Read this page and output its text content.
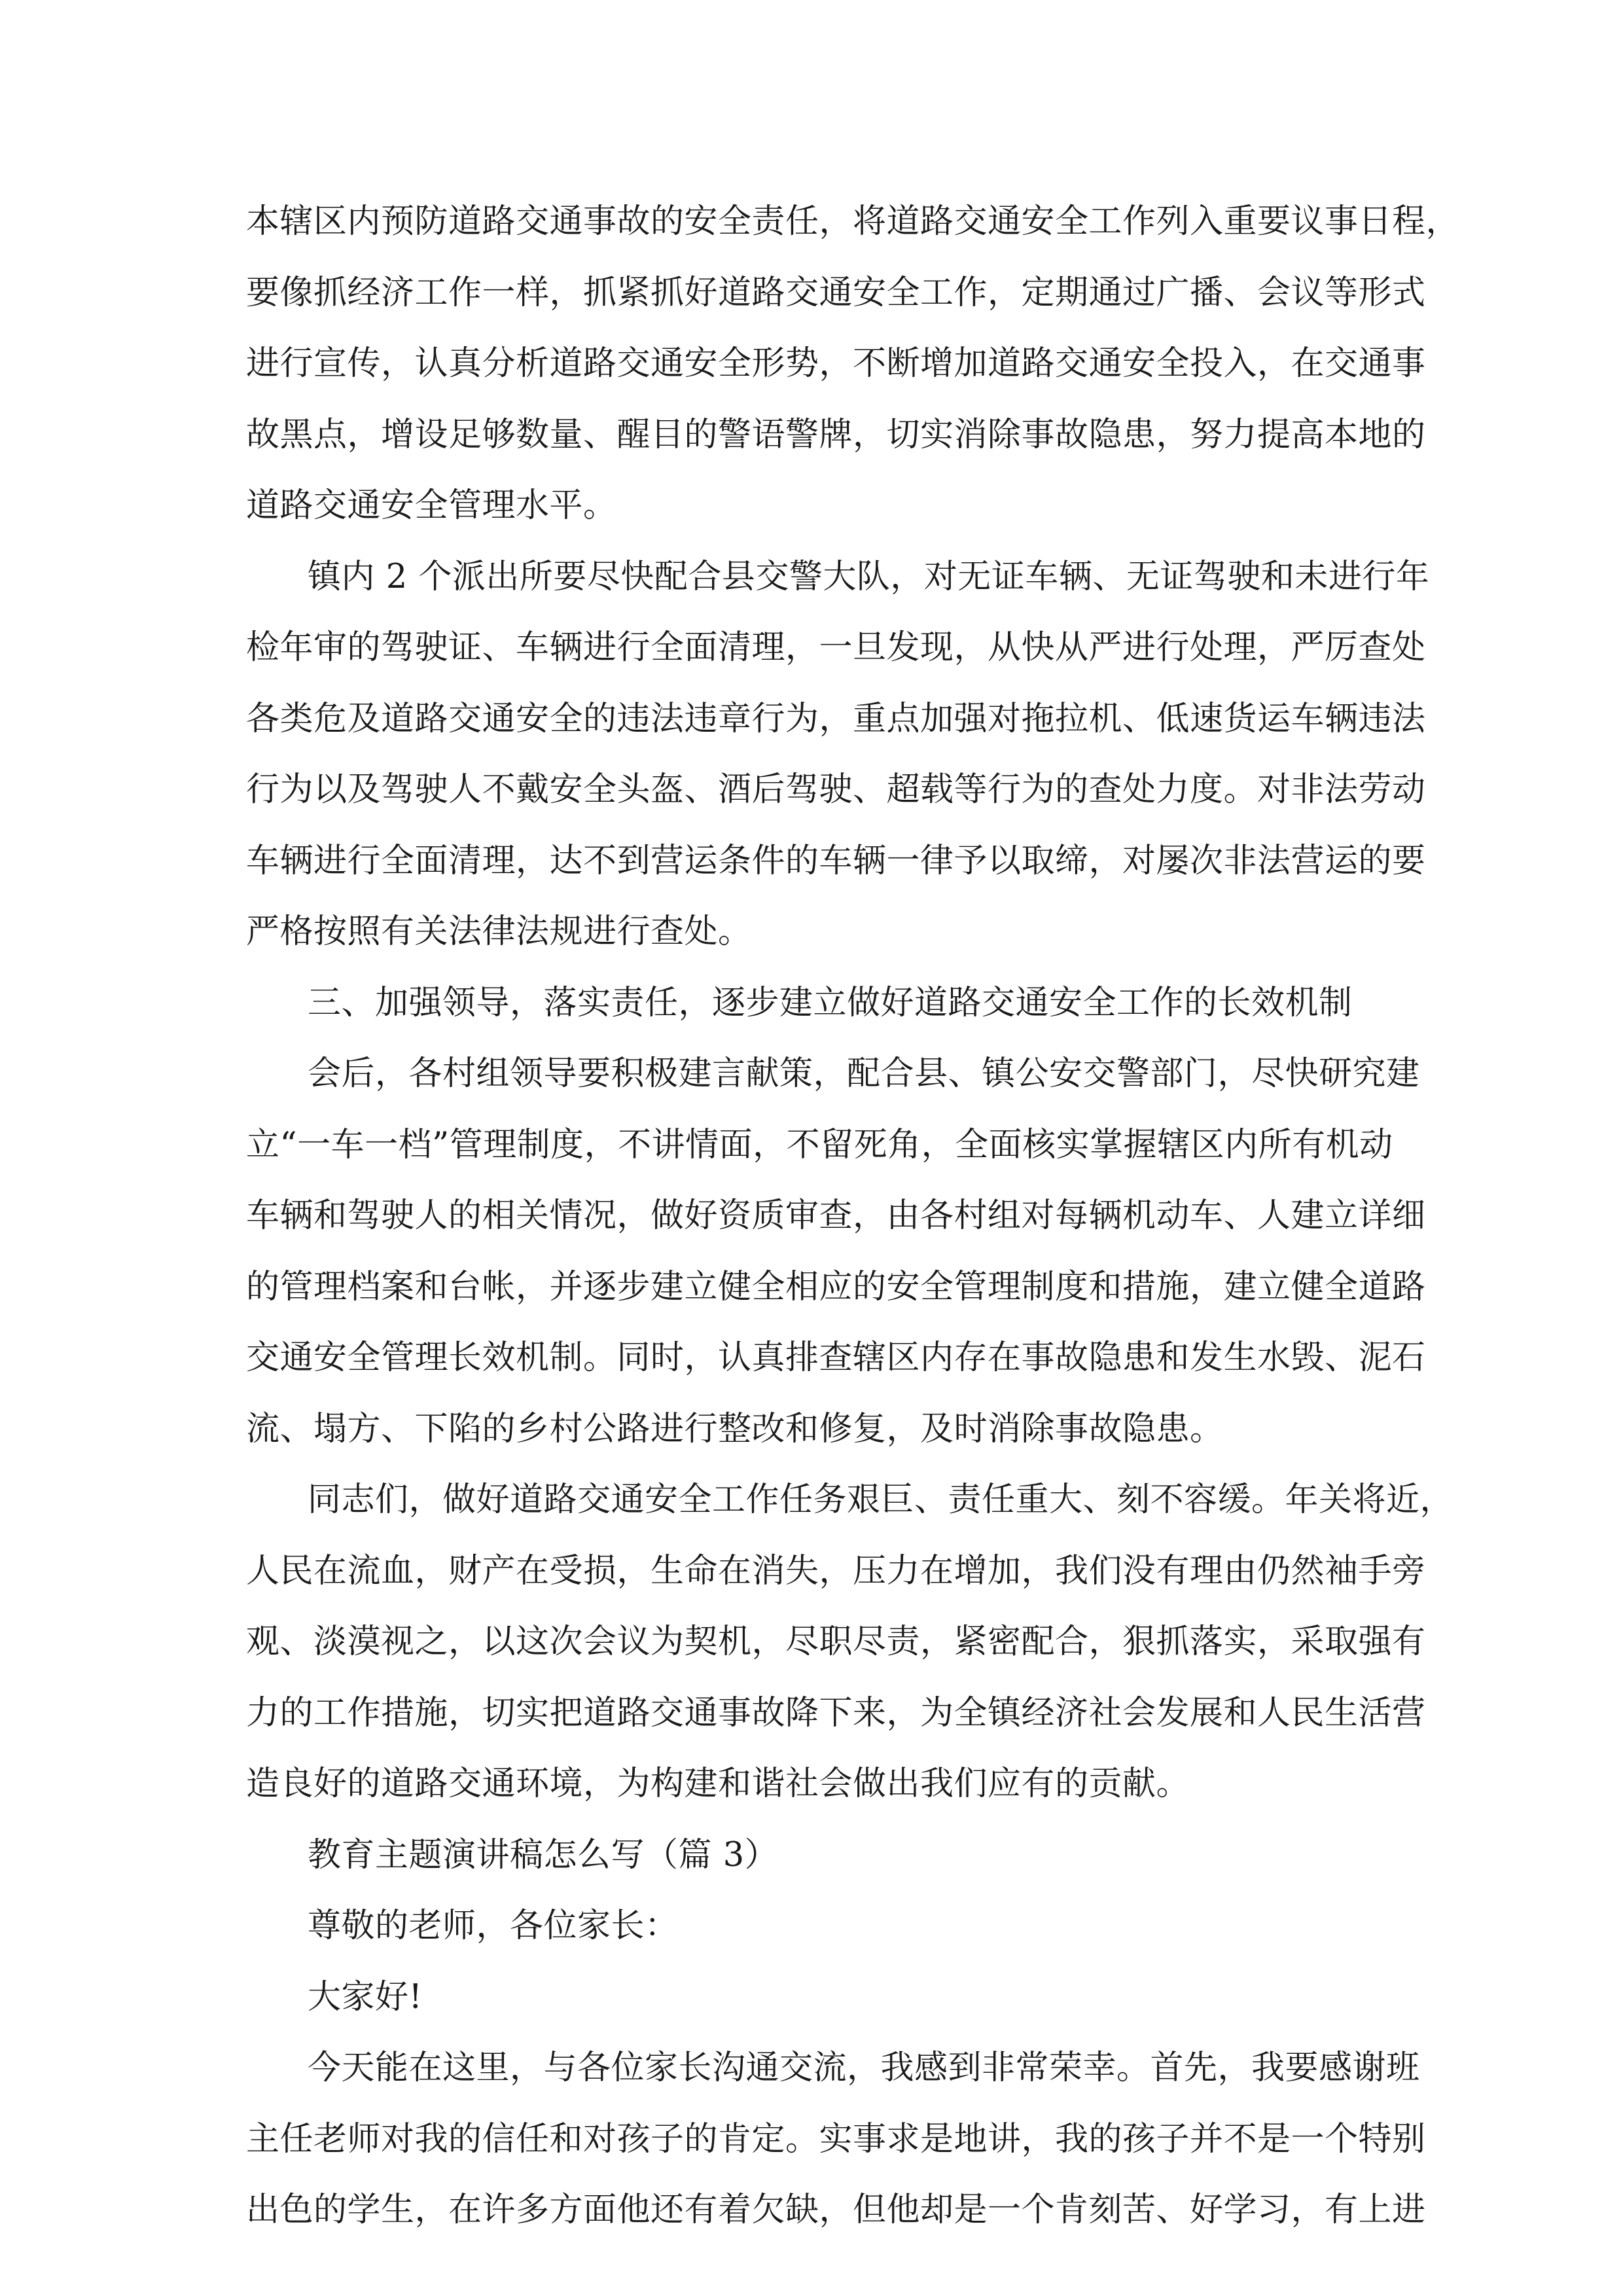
本辖区内预防道路交通事故的安全责任，将道路交通安全工作列入重要议事日程，
要像抓经济工作一样，抓紧抓好道路交通安全工作，定期通过广播、会议等形式
进行宣传，认真分析道路交通安全形势，不断增加道路交通安全投入，在交通事
故黑点，增设足够数量、醒目的警语警牌，切实消除事故隐患，努力提高本地的
道路交通安全管理水平。
镇内 2 个派出所要尽快配合县交警大队，对无证车辆、无证驾驶和未进行年
检年审的驾驶证、车辆进行全面清理，一旦发现，从快从严进行处理，严厉查处
各类危及道路交通安全的违法违章行为，重点加强对拖拉机、低速货运车辆违法
行为以及驾驶人不戴安全头盔、酒后驾驶、超载等行为的查处力度。对非法劳动
车辆进行全面清理，达不到营运条件的车辆一律予以取缔，对屡次非法营运的要
严格按照有关法律法规进行查处。
三、加强领导，落实责任，逐步建立做好道路交通安全工作的长效机制
会后，各村组领导要积极建言献策，配合县、镇公安交警部门，尽快研究建
立“一车一档”管理制度，不讲情面，不留死角，全面核实掌握辖区内所有机动
车辆和驾驶人的相关情况，做好资质审查，由各村组对每辆机动车、人建立详细
的管理档案和台帐，并逐步建立健全相应的安全管理制度和措施，建立健全道路
交通安全管理长效机制。同时，认真排查辖区内存在事故隐患和发生水毁、泥石
流、塌方、下陷的乡村公路进行整改和修复，及时消除事故隐患。
同志们，做好道路交通安全工作任务艰巨、责任重大、刻不容缓。年关将近，
人民在流血，财产在受损，生命在消失，压力在增加，我们没有理由仍然袖手旁
观、淡漠视之，以这次会议为契机，尽职尽责，紧密配合，狠抓落实，采取强有
力的工作措施，切实把道路交通事故降下来，为全镇经济社会发展和人民生活营
造良好的道路交通环境，为构建和谐社会做出我们应有的贡献。
教育主题演讲稿怎么写（篇 3）
尊敬的老师，各位家长：
大家好!
今天能在这里，与各位家长沟通交流，我感到非常荣幸。首先，我要感谢班
主任老师对我的信任和对孩子的肯定。实事求是地讲，我的孩子并不是一个特别
出色的学生，在许多方面他还有着欠缺，但他却是一个肯刻苦、好学习，有上进
